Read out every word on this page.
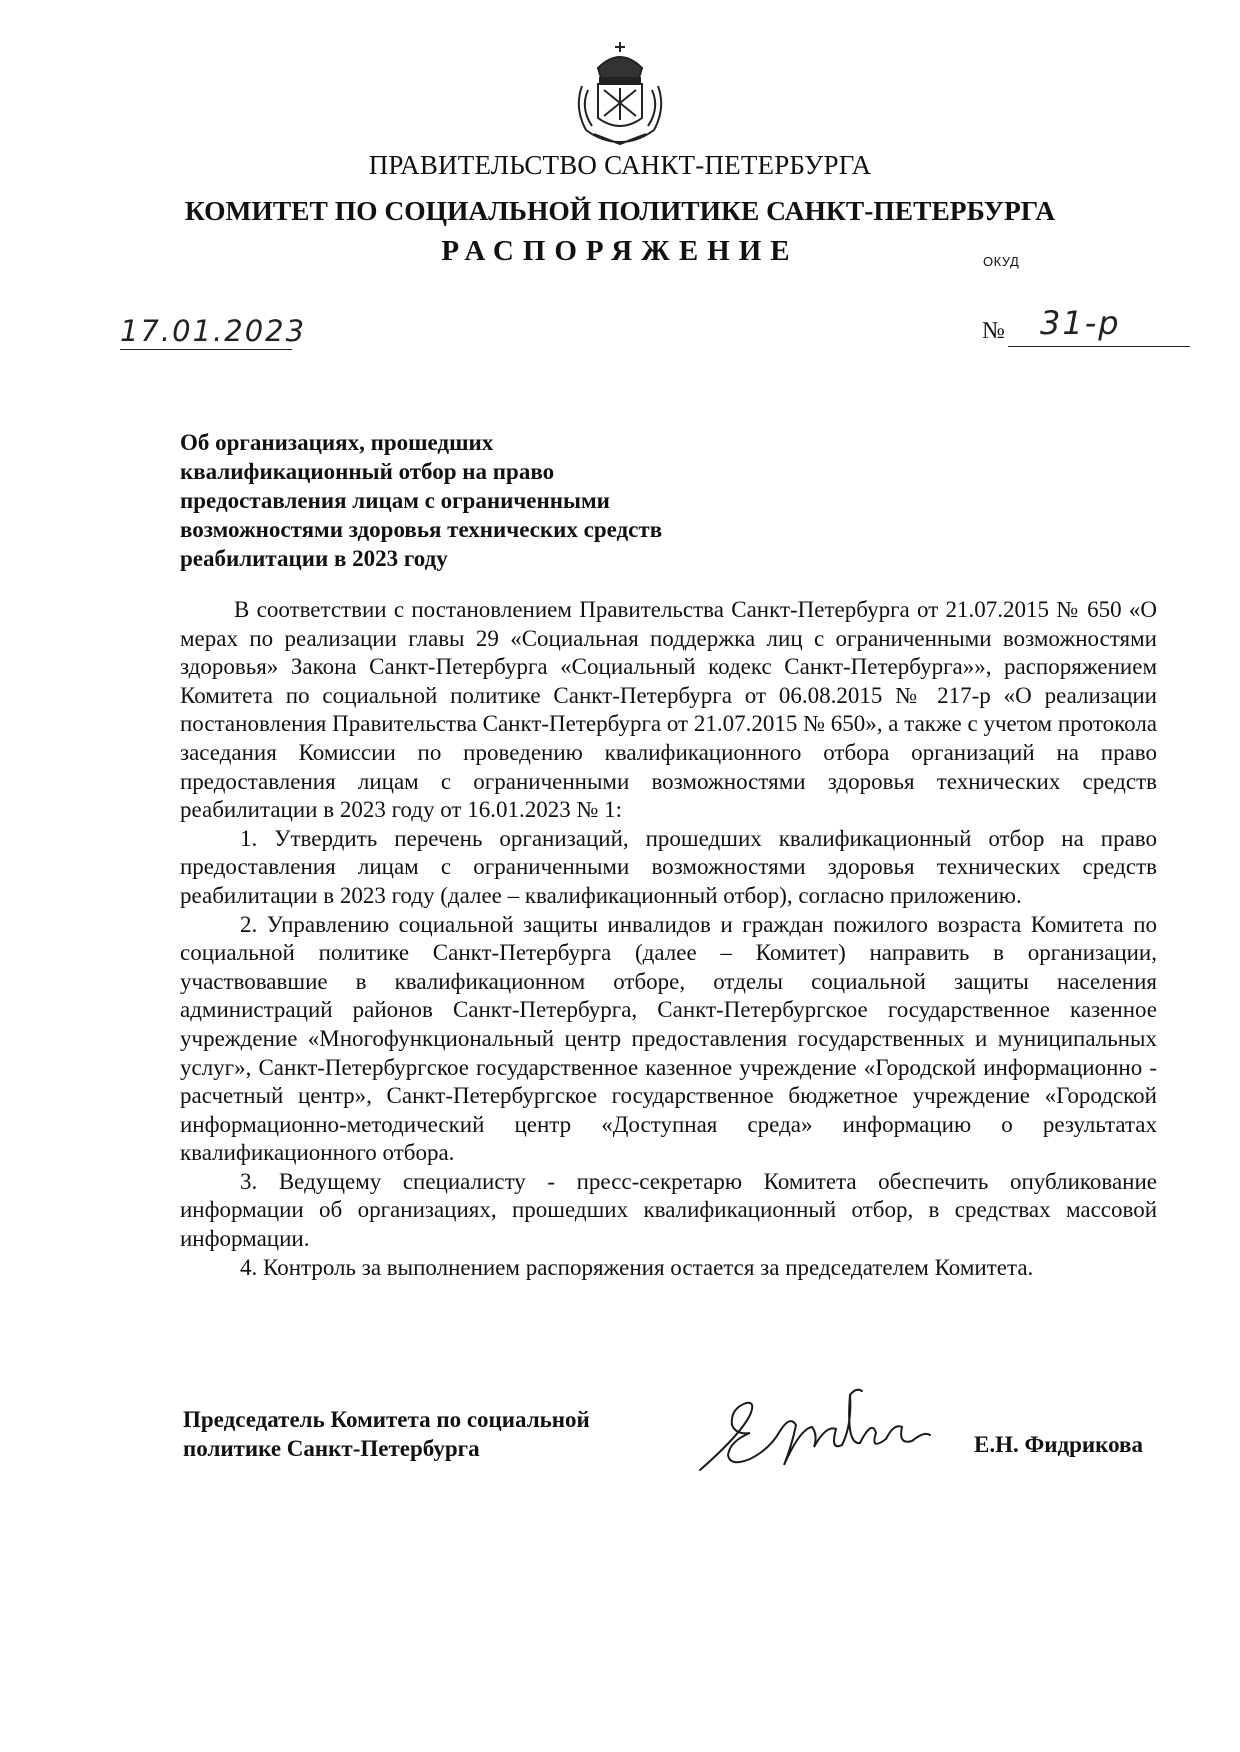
ПРАВИТЕЛЬСТВО САНКТ-ПЕТЕРБУРГА
КОМИТЕТ ПО СОЦИАЛЬНОЙ ПОЛИТИКЕ САНКТ-ПЕТЕРБУРГА
РАСПОРЯЖЕНИЕ	ОКУД
17.01.2023	№ 31-р
Об организациях, прошедших квалификационный отбор на право предоставления лицам с ограниченными возможностями здоровья технических средств реабилитации в 2023 году

В соответствии с постановлением Правительства Санкт-Петербурга от 21.07.2015 № 650 «О мерах по реализации главы 29 «Социальная поддержка лиц с ограниченными возможностями здоровья» Закона Санкт-Петербурга «Социальный кодекс Санкт-Петербурга»», распоряжением Комитета по социальной политике Санкт-Петербурга от 06.08.2015 № 217-р «О реализации постановления Правительства Санкт-Петербурга от 21.07.2015 № 650», а также с учетом протокола заседания Комиссии по проведению квалификационного отбора организаций на право предоставления лицам с ограниченными возможностями здоровья технических средств реабилитации в 2023 году от 16.01.2023 № 1:

1. Утвердить перечень организаций, прошедших квалификационный отбор на право предоставления лицам с ограниченными возможностями здоровья технических средств реабилитации в 2023 году (далее – квалификационный отбор), согласно приложению.

2. Управлению социальной защиты инвалидов и граждан пожилого возраста Комитета по социальной политике Санкт-Петербурга (далее – Комитет) направить в организации, участвовавшие в квалификационном отборе, отделы социальной защиты населения администраций районов Санкт-Петербурга, Санкт-Петербургское государственное казенное учреждение «Многофункциональный центр предоставления государственных и муниципальных услуг», Санкт-Петербургское государственное казенное учреждение «Городской информационно - расчетный центр», Санкт-Петербургское государственное бюджетное учреждение «Городской информационно-методический центр «Доступная среда» информацию о результатах квалификационного отбора.

3. Ведущему специалисту - пресс-секретарю Комитета обеспечить опубликование информации об организациях, прошедших квалификационный отбор, в средствах массовой информации.

4. Контроль за выполнением распоряжения остается за председателем Комитета.

Председатель Комитета по социальной политике Санкт-Петербурга	Е.Н. Фидрикова
